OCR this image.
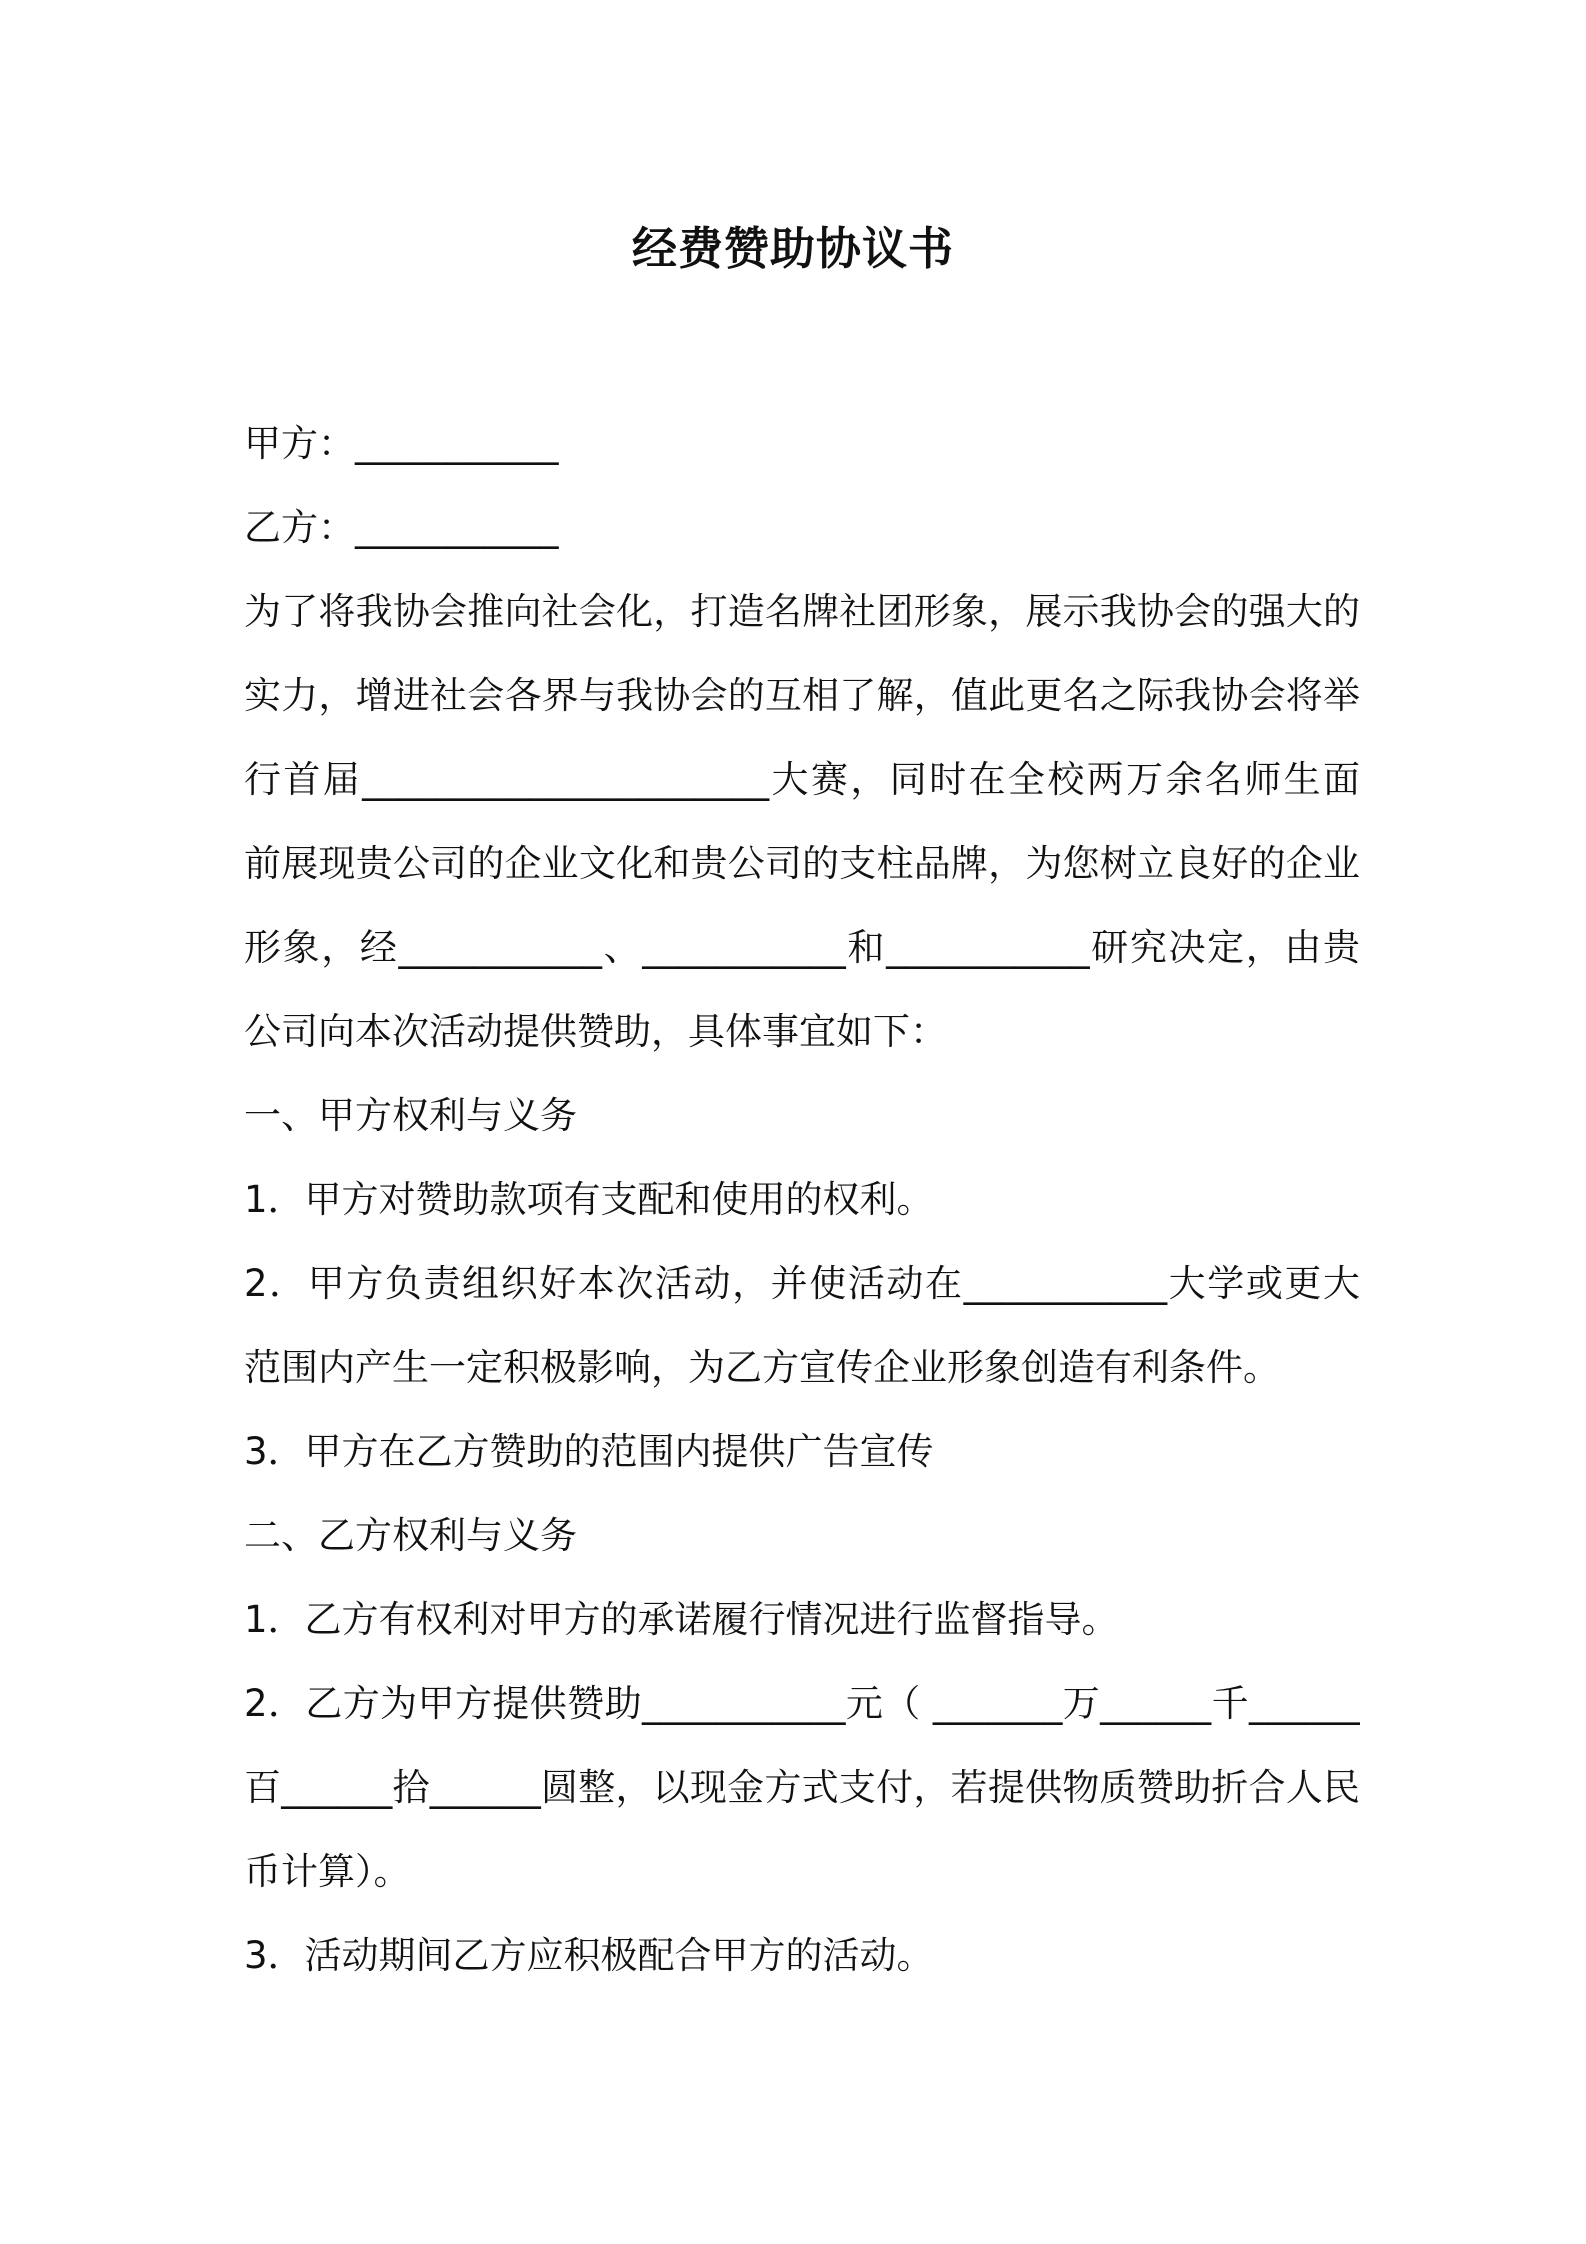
经费赞助协议书

甲方：___________

乙方：___________

为了将我协会推向社会化，打造名牌社团形象，展示我协会的强大的

实力，增进社会各界与我协会的互相了解，值此更名之际我协会将举

行首届______________________大赛，同时在全校两万余名师生面

前展现贵公司的企业文化和贵公司的支柱品牌，为您树立良好的企业

形象，经___________、___________和___________研究决定，由贵

公司向本次活动提供赞助，具体事宜如下：

一、甲方权利与义务

1．甲方对赞助款项有支配和使用的权利。

2．甲方负责组织好本次活动，并使活动在___________大学或更大

范围内产生一定积极影响，为乙方宣传企业形象创造有利条件。

3．甲方在乙方赞助的范围内提供广告宣传

二、乙方权利与义务

1．乙方有权利对甲方的承诺履行情况进行监督指导。

2．乙方为甲方提供赞助___________元（ _______万______千______

百______拾______圆整，以现金方式支付，若提供物质赞助折合人民

币计算）。

3．活动期间乙方应积极配合甲方的活动。
